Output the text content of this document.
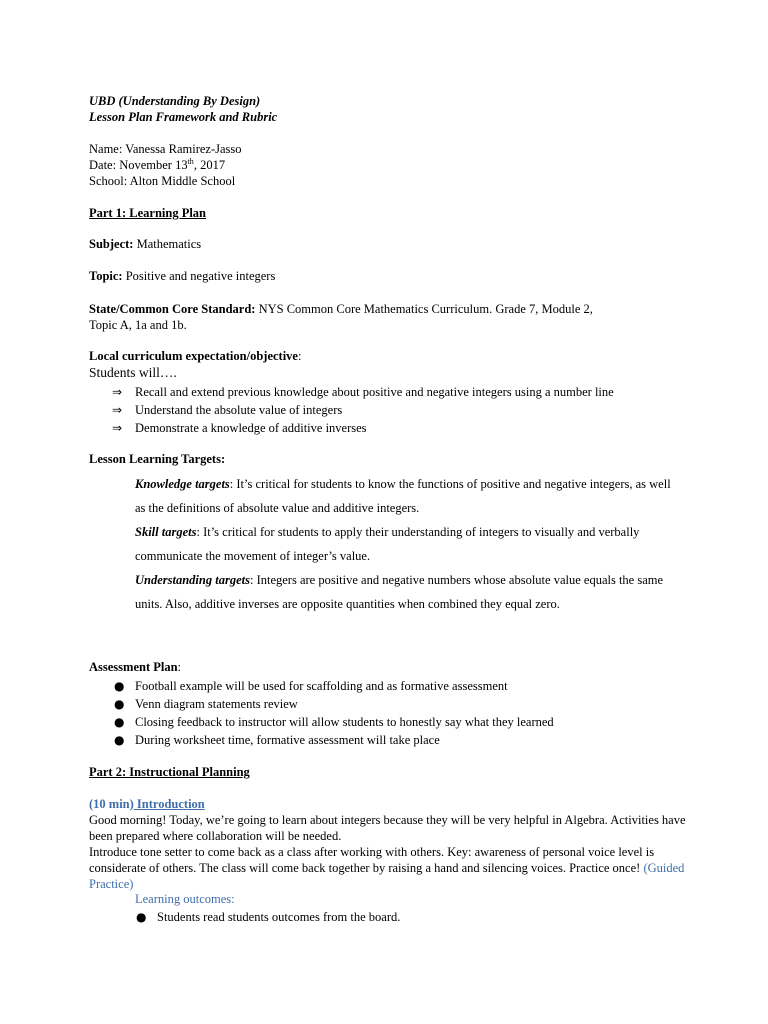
UBD (Understanding By Design)
Lesson Plan Framework and Rubric
Name: Vanessa Ramirez-Jasso
Date: November 13th, 2017
School: Alton Middle School
Part 1: Learning Plan
Subject: Mathematics
Topic: Positive and negative integers
State/Common Core Standard: NYS Common Core Mathematics Curriculum. Grade 7, Module 2,
Topic A, 1a and 1b.
Local curriculum expectation/objective:
Students will….
⇒ Recall and extend previous knowledge about positive and negative integers using a number line
⇒ Understand the absolute value of integers
⇒ Demonstrate a knowledge of additive inverses
Lesson Learning Targets:
Knowledge targets: It’s critical for students to know the functions of positive and negative integers, as well as the definitions of absolute value and additive integers.
Skill targets: It’s critical for students to apply their understanding of integers to visually and verbally communicate the movement of integer’s value.
Understanding targets: Integers are positive and negative numbers whose absolute value equals the same units. Also, additive inverses are opposite quantities when combined they equal zero.
Assessment Plan:
● Football example will be used for scaffolding and as formative assessment
● Venn diagram statements review
● Closing feedback to instructor will allow students to honestly say what they learned
● During worksheet time, formative assessment will take place
Part 2: Instructional Planning
(10 min) Introduction
Good morning! Today, we’re going to learn about integers because they will be very helpful in Algebra. Activities have been prepared where collaboration will be needed.
Introduce tone setter to come back as a class after working with others. Key: awareness of personal voice level is considerate of others. The class will come back together by raising a hand and silencing voices. Practice once! (Guided Practice)
Learning outcomes:
● Students read students outcomes from the board.
